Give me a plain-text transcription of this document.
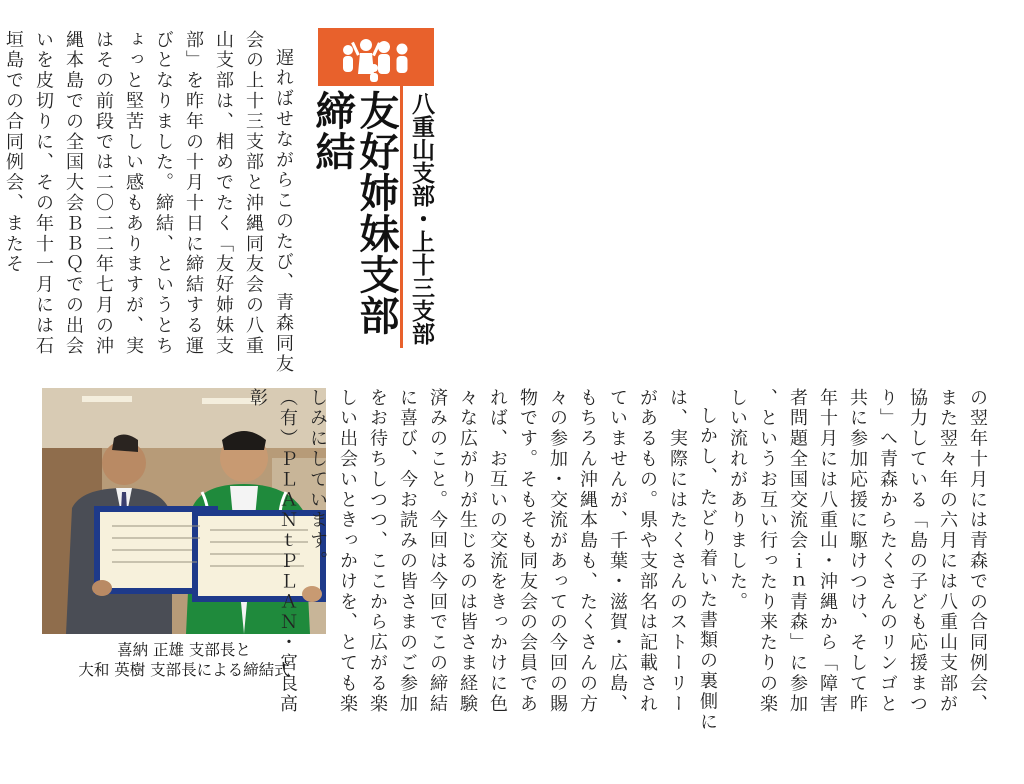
遅ればせながらこのたび、青森同友会の上十三支部と沖縄同友会の八重山支部は、相めでたく「友好姉妹支部」を昨年の十月十日に締結する運びとなりました。締結、というとちょっと堅苦しい感もありますが、実はその前段では二〇二二年七月の沖縄本島での全国大会ＢＢＱでの出会いを皮切りに、その年十一月には石垣島での合同例会、またそ	八重山支部・上十三支部
友好姉妹支部締結
喜納 正雄 支部長と
大和 英樹 支部長による締結式	の翌年十月には青森での合同例会、また翌々年の六月には八重山支部が協力している「島の子ども応援まつり」へ青森からたくさんのリンゴと共に参加応援に駆けつけ、そして昨年十月には八重山・沖縄から「障害者問題全国交流会ｉｎ青森」に参加、というお互い行ったり来たりの楽しい流れがありました。

しかし、たどり着いた書類の裏側には、実際にはたくさんのストーリーがあるもの。県や支部名は記載されていませんが、千葉・滋賀・広島、もちろん沖縄本島も、たくさんの方々の参加・交流があっての今回の賜物です。そもそも同友会の会員であれば、お互いの交流をきっかけに色々な広がりが生じるのは皆さま経験済みのこと。今回は今回でこの締結に喜び、今お読みの皆さまのご参加をお待ちしつつ、ここから広がる楽しい出会いときっかけを、とても楽しみにしています。

（有）ＰＬＡＮｔＰＬＡＮ・宮良高彰
